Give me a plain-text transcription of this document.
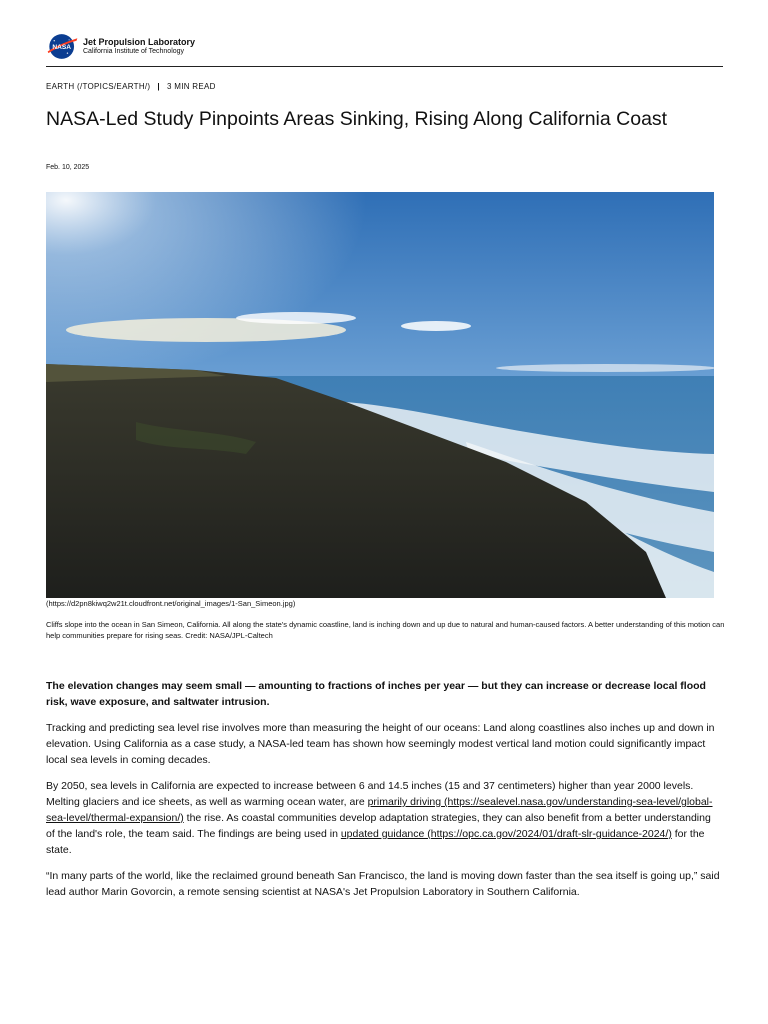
NASA
Jet Propulsion Laboratory
California Institute of Technology
EARTH (/TOPICS/EARTH/) | 3 MIN READ
NASA-Led Study Pinpoints Areas Sinking, Rising Along California Coast
Feb. 10, 2025
(https://d2pn8kiwq2w21t.cloudfront.net/original_images/1-San_Simeon.jpg)

Cliffs slope into the ocean in San Simeon, California. All along the state's dynamic coastline, land is inching down and up due to natural and human-caused factors. A better understanding of this motion can help communities prepare for rising seas. Credit: NASA/JPL-Caltech

The elevation changes may seem small — amounting to fractions of inches per year — but they can increase or decrease local flood risk, wave exposure, and saltwater intrusion.

Tracking and predicting sea level rise involves more than measuring the height of our oceans: Land along coastlines also inches up and down in elevation. Using California as a case study, a NASA-led team has shown how seemingly modest vertical land motion could significantly impact local sea levels in coming decades.

By 2050, sea levels in California are expected to increase between 6 and 14.5 inches (15 and 37 centimeters) higher than year 2000 levels. Melting glaciers and ice sheets, as well as warming ocean water, are primarily driving (https://sealevel.nasa.gov/understanding-sea-level/global-sea-level/thermal-expansion/) the rise. As coastal communities develop adaptation strategies, they can also benefit from a better understanding of the land's role, the team said. The findings are being used in updated guidance (https://opc.ca.gov/2024/01/draft-slr-guidance-2024/) for the state.

“In many parts of the world, like the reclaimed ground beneath San Francisco, the land is moving down faster than the sea itself is going up,” said lead author Marin Govorcin, a remote sensing scientist at NASA's Jet Propulsion Laboratory in Southern California.
